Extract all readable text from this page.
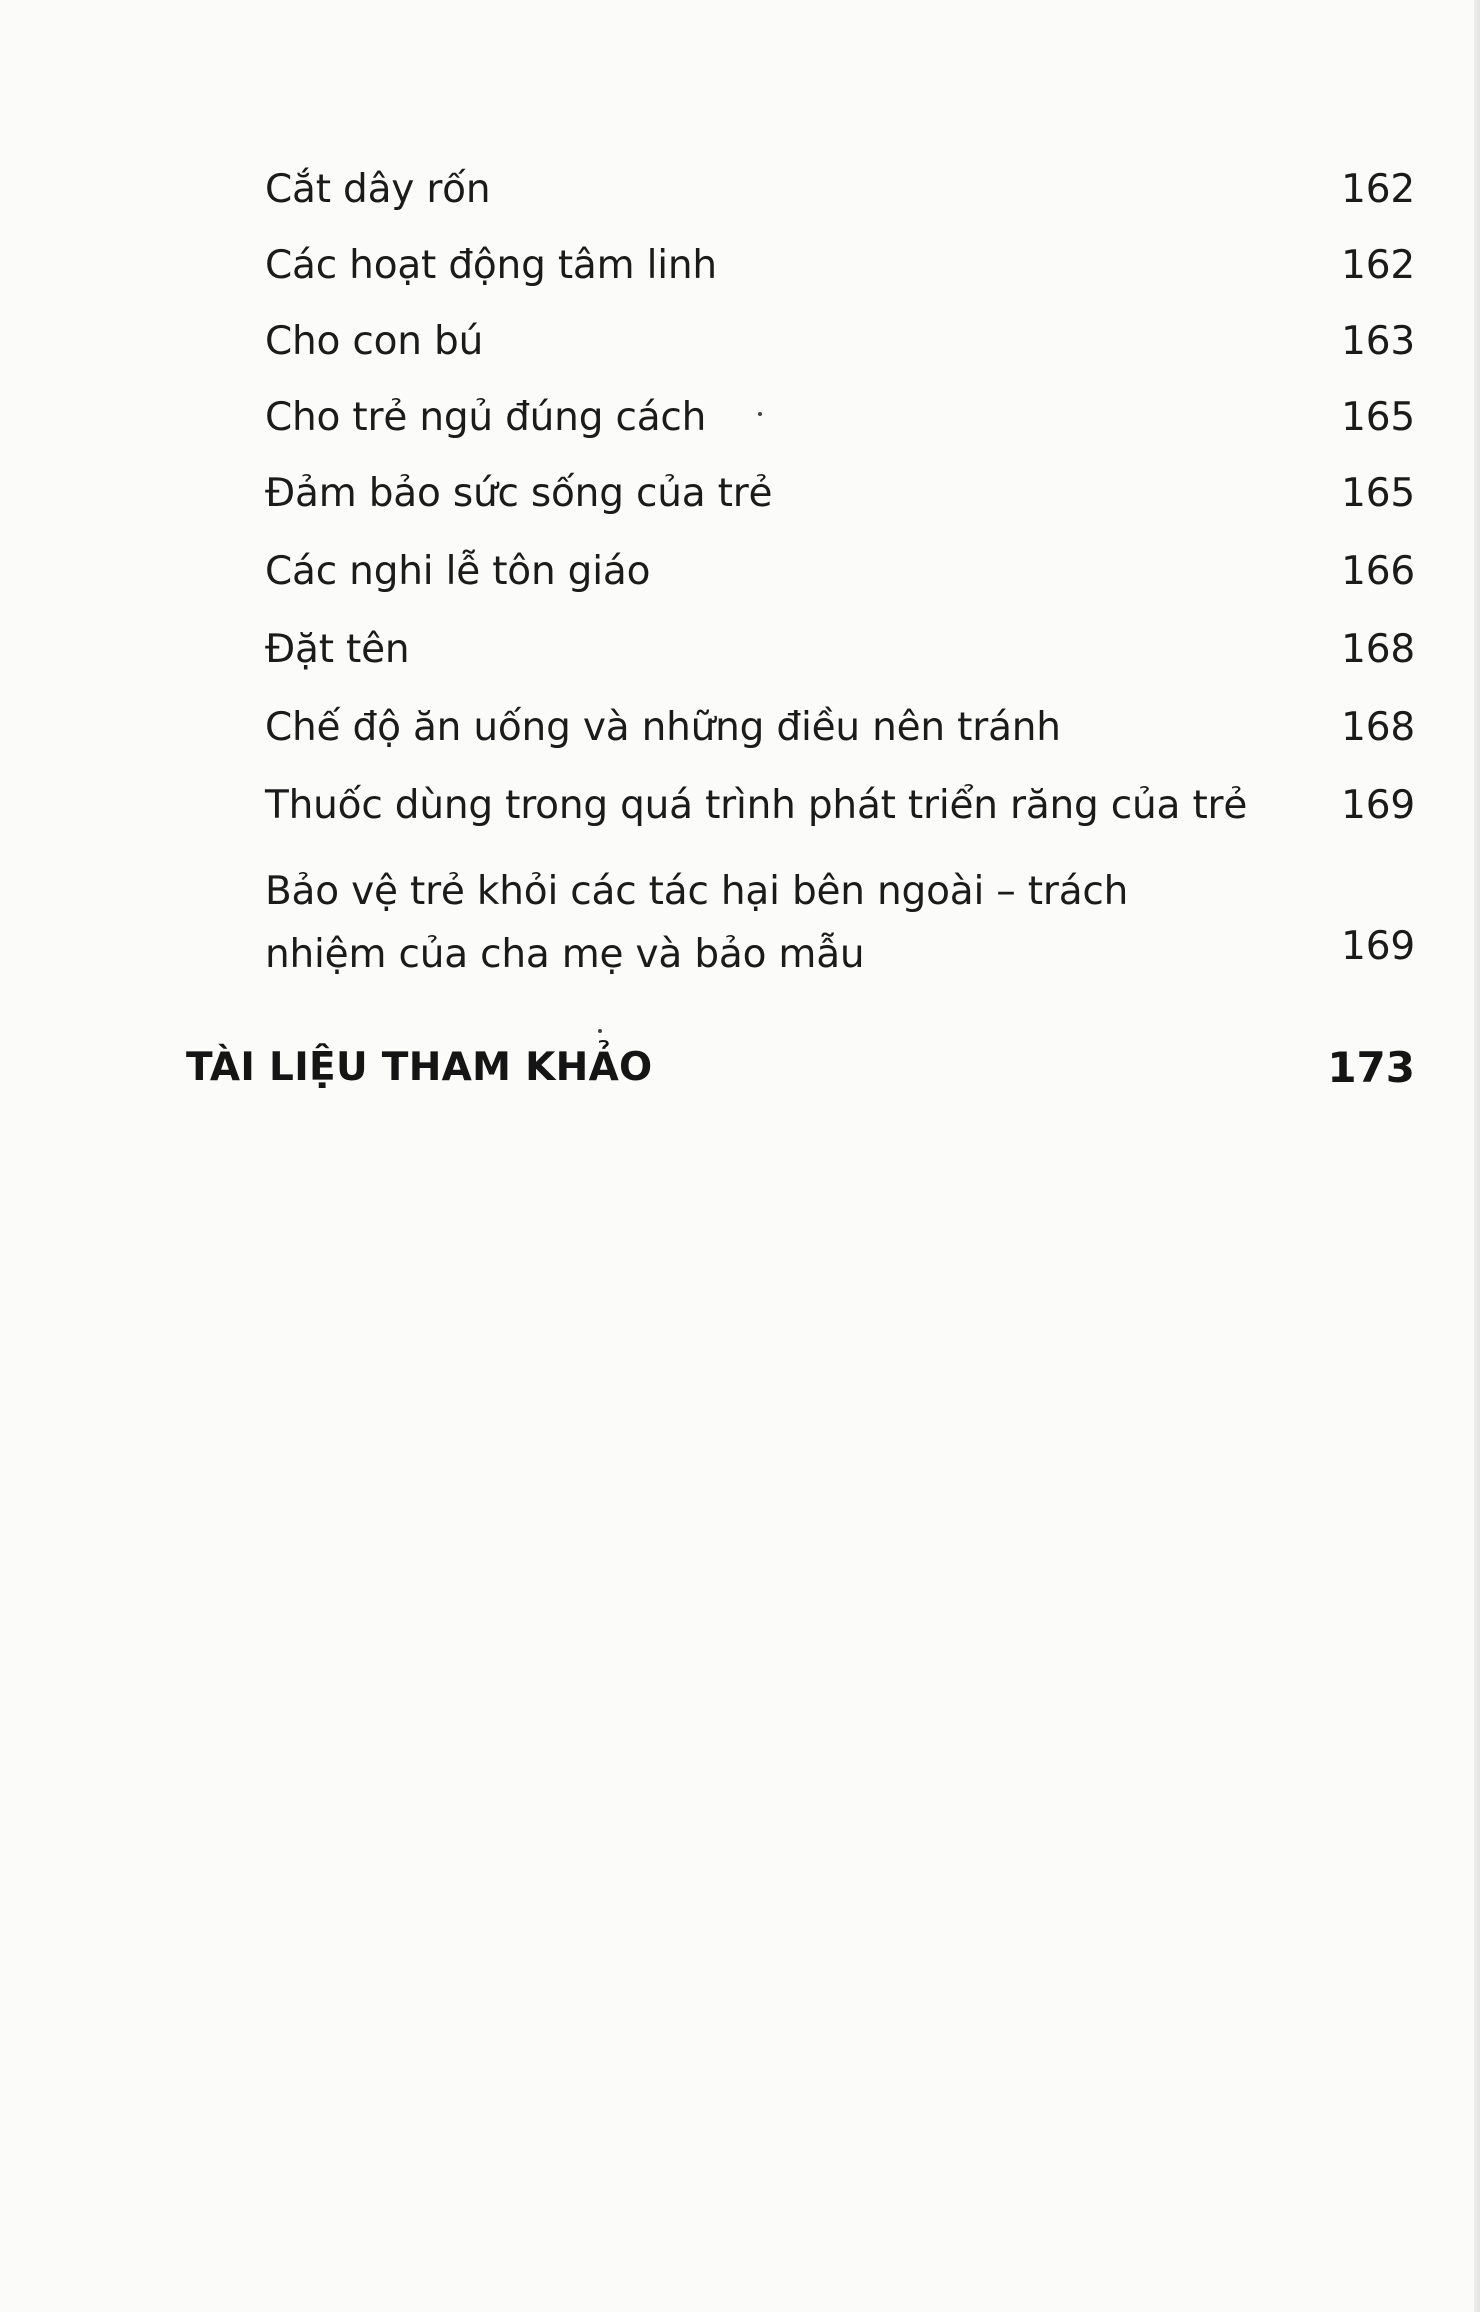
Cắt dây rốn	162
Các hoạt động tâm linh	162
Cho con bú	163
Cho trẻ ngủ đúng cách	165
Đảm bảo sức sống của trẻ	165
Các nghi lễ tôn giáo	166
Đặt tên	168
Chế độ ăn uống và những điều nên tránh	168
Thuốc dùng trong quá trình phát triển răng của trẻ 169
Bảo vệ trẻ khỏi các tác hại bên ngoài – trách nhiệm của cha mẹ và bảo mẫu	169
TÀI LIỆU THAM KHẢO	173
